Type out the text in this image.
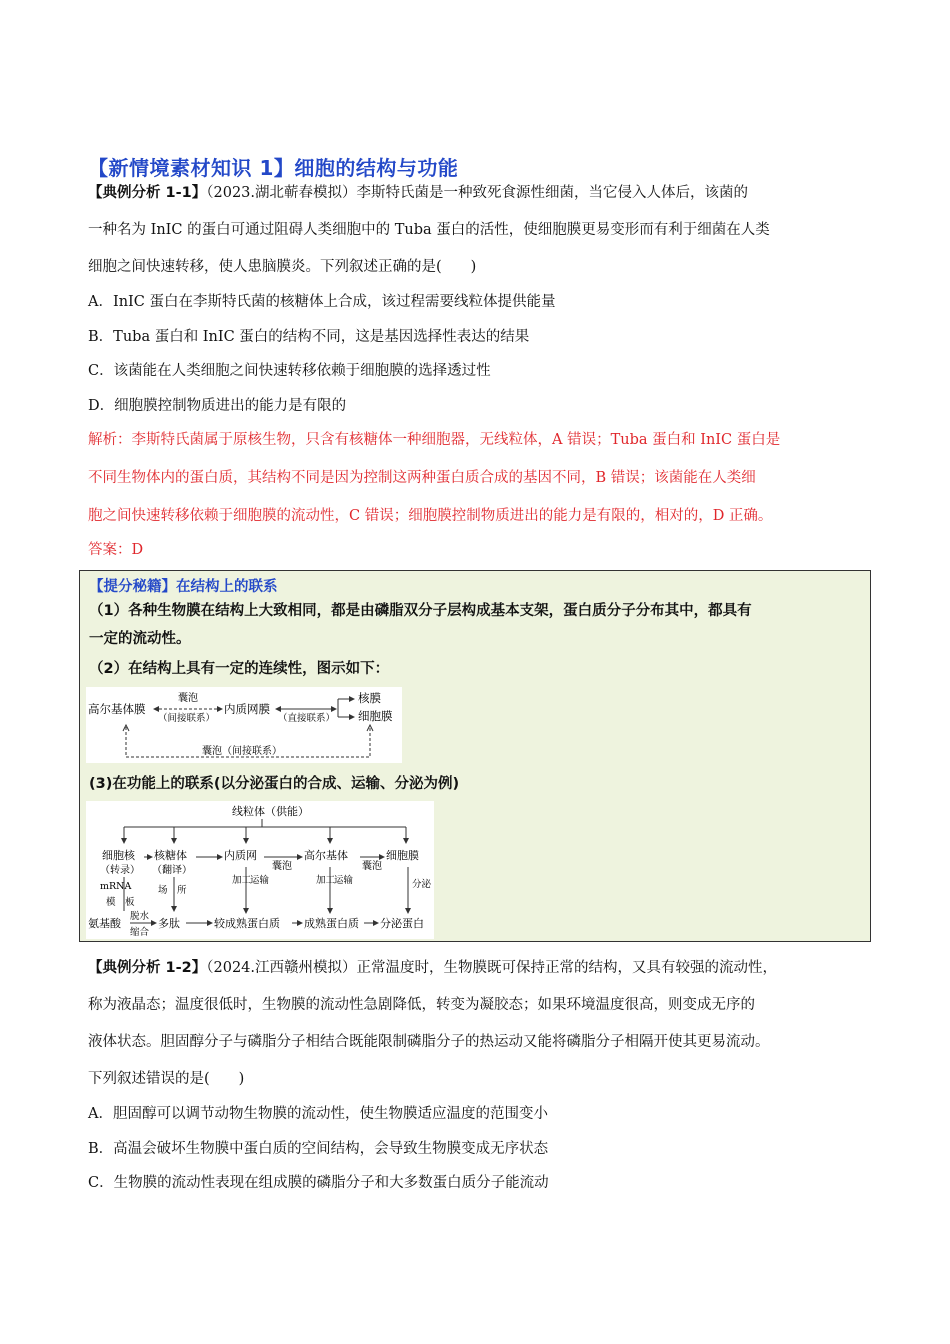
【新情境素材知识 1】细胞的结构与功能
【典例分析 1-1】（2023.湖北蕲春模拟）李斯特氏菌是一种致死食源性细菌，当它侵入人体后，该菌的
一种名为 InIC 的蛋白可通过阻碍人类细胞中的 Tuba 蛋白的活性，使细胞膜更易变形而有利于细菌在人类
细胞之间快速转移，使人患脑膜炎。下列叙述正确的是(　　)
A．InIC 蛋白在李斯特氏菌的核糖体上合成，该过程需要线粒体提供能量
B．Tuba 蛋白和 InIC 蛋白的结构不同，这是基因选择性表达的结果
C．该菌能在人类细胞之间快速转移依赖于细胞膜的选择透过性
D．细胞膜控制物质进出的能力是有限的
解析：李斯特氏菌属于原核生物，只含有核糖体一种细胞器，无线粒体，A 错误；Tuba 蛋白和 InIC 蛋白是
不同生物体内的蛋白质，其结构不同是因为控制这两种蛋白质合成的基因不同，B 错误；该菌能在人类细
胞之间快速转移依赖于细胞膜的流动性，C 错误；细胞膜控制物质进出的能力是有限的，相对的，D 正确。
答案：D
【提分秘籍】在结构上的联系
（1）各种生物膜在结构上大致相同，都是由磷脂双分子层构成基本支架，蛋白质分子分布其中，都具有
一定的流动性。
（2）在结构上具有一定的连续性，图示如下：
高尔基体膜
囊泡
（间接联系）
内质网膜
（直接联系）
核膜
细胞膜
囊泡（间接联系）
(3)在功能上的联系(以分泌蛋白的合成、运输、分泌为例)
线粒体（供能）
细胞核
（转录）
核糖体
（翻译）
内质网
囊泡
高尔基体
囊泡
细胞膜
mRNA
模　板
场　所
加工
运输	加工
运输	分泌
氨基酸
脱水
缩合
多肽	较成熟蛋白质 成熟蛋白质 分泌蛋白
【典例分析 1-2】（2024.江西赣州模拟）正常温度时，生物膜既可保持正常的结构，又具有较强的流动性，
称为液晶态；温度很低时，生物膜的流动性急剧降低，转变为凝胶态；如果环境温度很高，则变成无序的
液体状态。胆固醇分子与磷脂分子相结合既能限制磷脂分子的热运动又能将磷脂分子相隔开使其更易流动。
下列叙述错误的是(　　)
A．胆固醇可以调节动物生物膜的流动性，使生物膜适应温度的范围变小
B．高温会破坏生物膜中蛋白质的空间结构，会导致生物膜变成无序状态
C．生物膜的流动性表现在组成膜的磷脂分子和大多数蛋白质分子能流动
